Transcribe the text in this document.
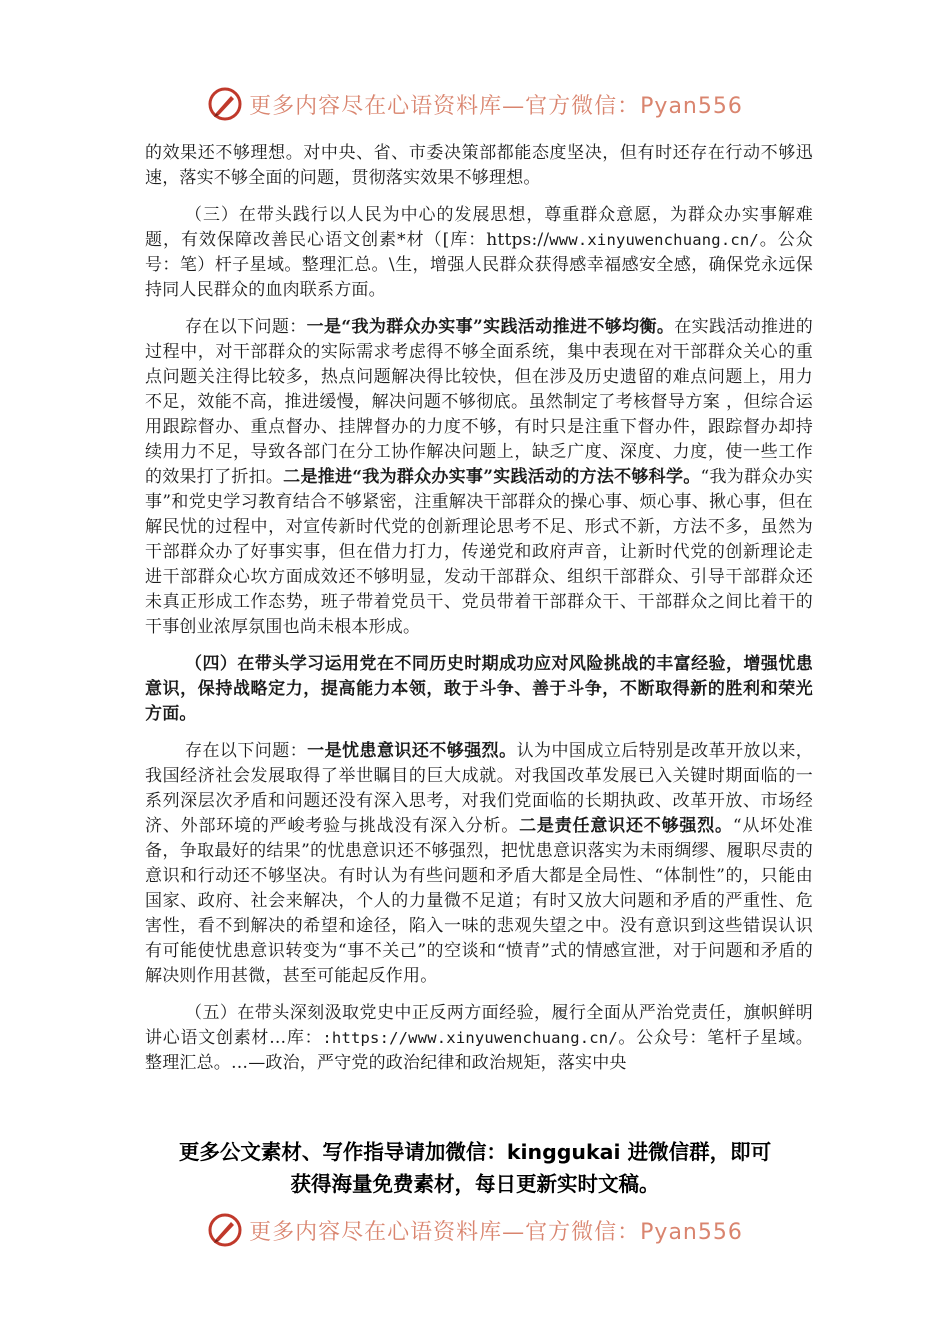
更多内容尽在心语资料库—官方微信：Pyan556

的效果还不够理想。对中央、省、市委决策部都能态度坚决，但有时还存在行动不够迅速，落实不够全面的问题，贯彻落实效果不够理想。

（三）在带头践行以人民为中心的发展思想，尊重群众意愿，为群众办实事解难题，有效保障改善民心语文创素*材（[库：https://www.xinyuwenchuang.cn/。公众号：笔）杆子星域。整理汇总。\生，增强人民群众获得感幸福感安全感，确保党永远保持同人民群众的血肉联系方面。

存在以下问题：一是“我为群众办实事”实践活动推进不够均衡。在实践活动推进的过程中，对干部群众的实际需求考虑得不够全面系统，集中表现在对干部群众关心的重点问题关注得比较多，热点问题解决得比较快，但在涉及历史遗留的难点问题上，用力不足，效能不高，推进缓慢，解决问题不够彻底。虽然制定了考核督导方案 ，但综合运用跟踪督办、重点督办、挂牌督办的力度不够，有时只是注重下督办件，跟踪督办却持续用力不足，导致各部门在分工协作解决问题上，缺乏广度、深度、力度，使一些工作的效果打了折扣。二是推进“我为群众办实事”实践活动的方法不够科学。“我为群众办实事”和党史学习教育结合不够紧密，注重解决干部群众的操心事、烦心事、揪心事，但在解民忧的过程中，对宣传新时代党的创新理论思考不足、形式不新，方法不多，虽然为干部群众办了好事实事，但在借力打力，传递党和政府声音，让新时代党的创新理论走进干部群众心坎方面成效还不够明显，发动干部群众、组织干部群众、引导干部群众还未真正形成工作态势，班子带着党员干、党员带着干部群众干、干部群众之间比着干的干事创业浓厚氛围也尚未根本形成。

（四）在带头学习运用党在不同历史时期成功应对风险挑战的丰富经验，增强忧患意识，保持战略定力，提高能力本领，敢于斗争、善于斗争，不断取得新的胜利和荣光方面。

存在以下问题：一是忧患意识还不够强烈。认为中国成立后特别是改革开放以来，我国经济社会发展取得了举世瞩目的巨大成就。对我国改革发展已入关键时期面临的一系列深层次矛盾和问题还没有深入思考，对我们党面临的长期执政、改革开放、市场经济、外部环境的严峻考验与挑战没有深入分析。二是责任意识还不够强烈。“从坏处准备，争取最好的结果”的忧患意识还不够强烈，把忧患意识落实为未雨绸缪、履职尽责的意识和行动还不够坚决。有时认为有些问题和矛盾大都是全局性、“体制性”的，只能由国家、政府、社会来解决，个人的力量微不足道；有时又放大问题和矛盾的严重性、危害性，看不到解决的希望和途径，陷入一味的悲观失望之中。没有意识到这些错误认识有可能使忧患意识转变为“事不关己”的空谈和“愤青”式的情感宣泄，对于问题和矛盾的解决则作用甚微，甚至可能起反作用。

（五）在带头深刻汲取党史中正反两方面经验，履行全面从严治党责任，旗帜鲜明讲心语文创素材…库：:https://www.xinyuwenchuang.cn/。公众号：笔杆子星域。整理汇总。…—政治，严守党的政治纪律和政治规矩，落实中央

更多公文素材、写作指导请加微信：kinggukai 进微信群，即可
获得海量免费素材，每日更新实时文稿。
更多内容尽在心语资料库—官方微信：Pyan556
